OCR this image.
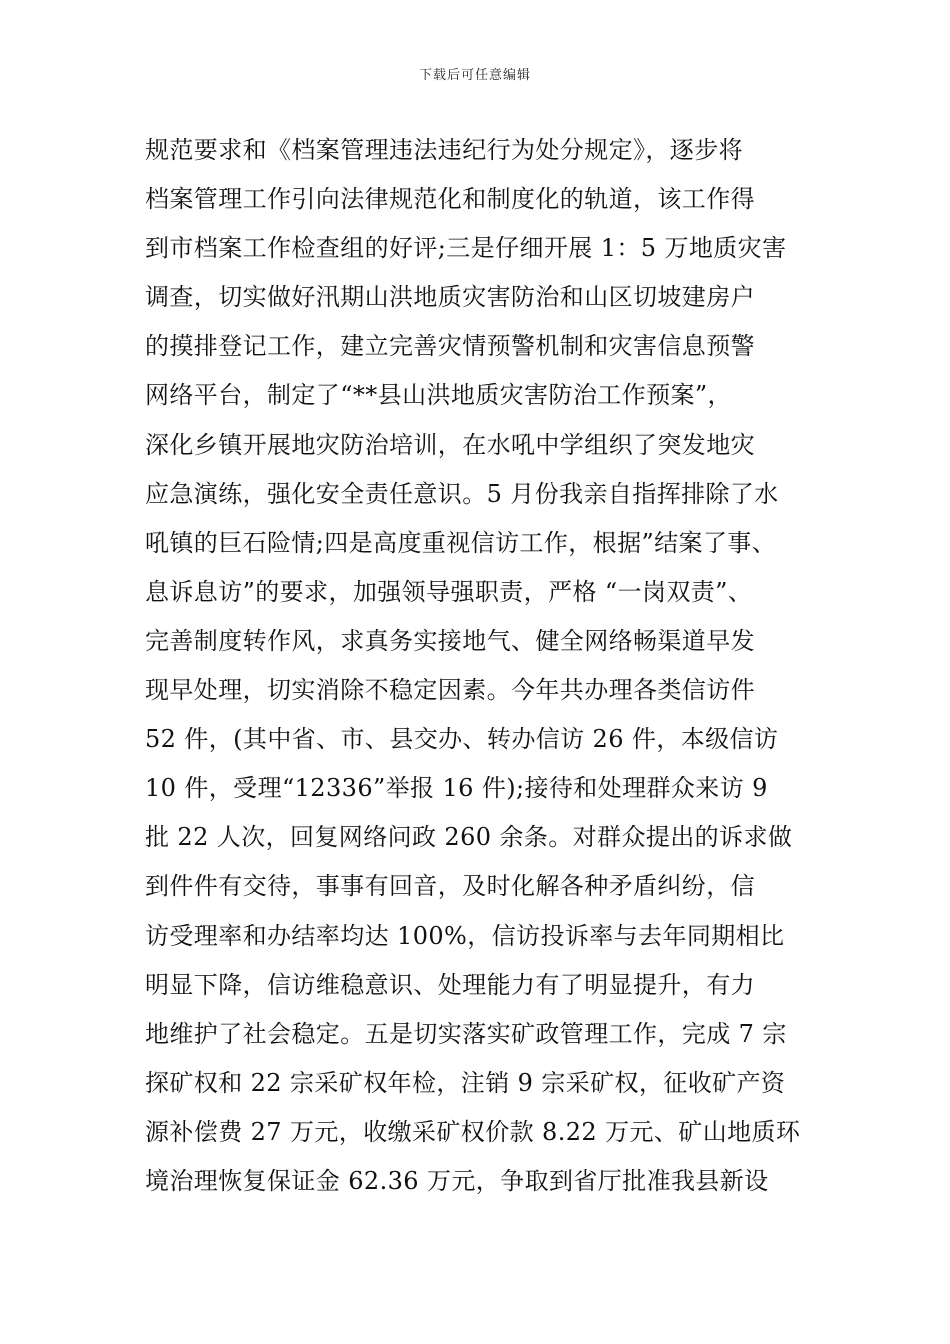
下载后可任意编辑
规范要求和《档案管理违法违纪行为处分规定》，逐步将
档案管理工作引向法律规范化和制度化的轨道，该工作得
到市档案工作检查组的好评;三是仔细开展 1：5 万地质灾害
调查，切实做好汛期山洪地质灾害防治和山区切坡建房户
的摸排登记工作，建立完善灾情预警机制和灾害信息预警
网络平台，制定了“**县山洪地质灾害防治工作预案”，
深化乡镇开展地灾防治培训，在水吼中学组织了突发地灾
应急演练，强化安全责任意识。5 月份我亲自指挥排除了水
吼镇的巨石险情;四是高度重视信访工作，根据”结案了事、
息诉息访”的要求，加强领导强职责，严格 “一岗双责”、
完善制度转作风，求真务实接地气、健全网络畅渠道早发
现早处理，切实消除不稳定因素。今年共办理各类信访件
52 件，(其中省、市、县交办、转办信访 26 件，本级信访
10 件，受理“12336”举报 16 件);接待和处理群众来访 9
批 22 人次，回复网络问政 260 余条。对群众提出的诉求做
到件件有交待，事事有回音，及时化解各种矛盾纠纷，信
访受理率和办结率均达 100%，信访投诉率与去年同期相比
明显下降，信访维稳意识、处理能力有了明显提升，有力
地维护了社会稳定。五是切实落实矿政管理工作，完成 7 宗
探矿权和 22 宗采矿权年检，注销 9 宗采矿权，征收矿产资
源补偿费 27 万元，收缴采矿权价款 8.22 万元、矿山地质环
境治理恢复保证金 62.36 万元，争取到省厅批准我县新设
